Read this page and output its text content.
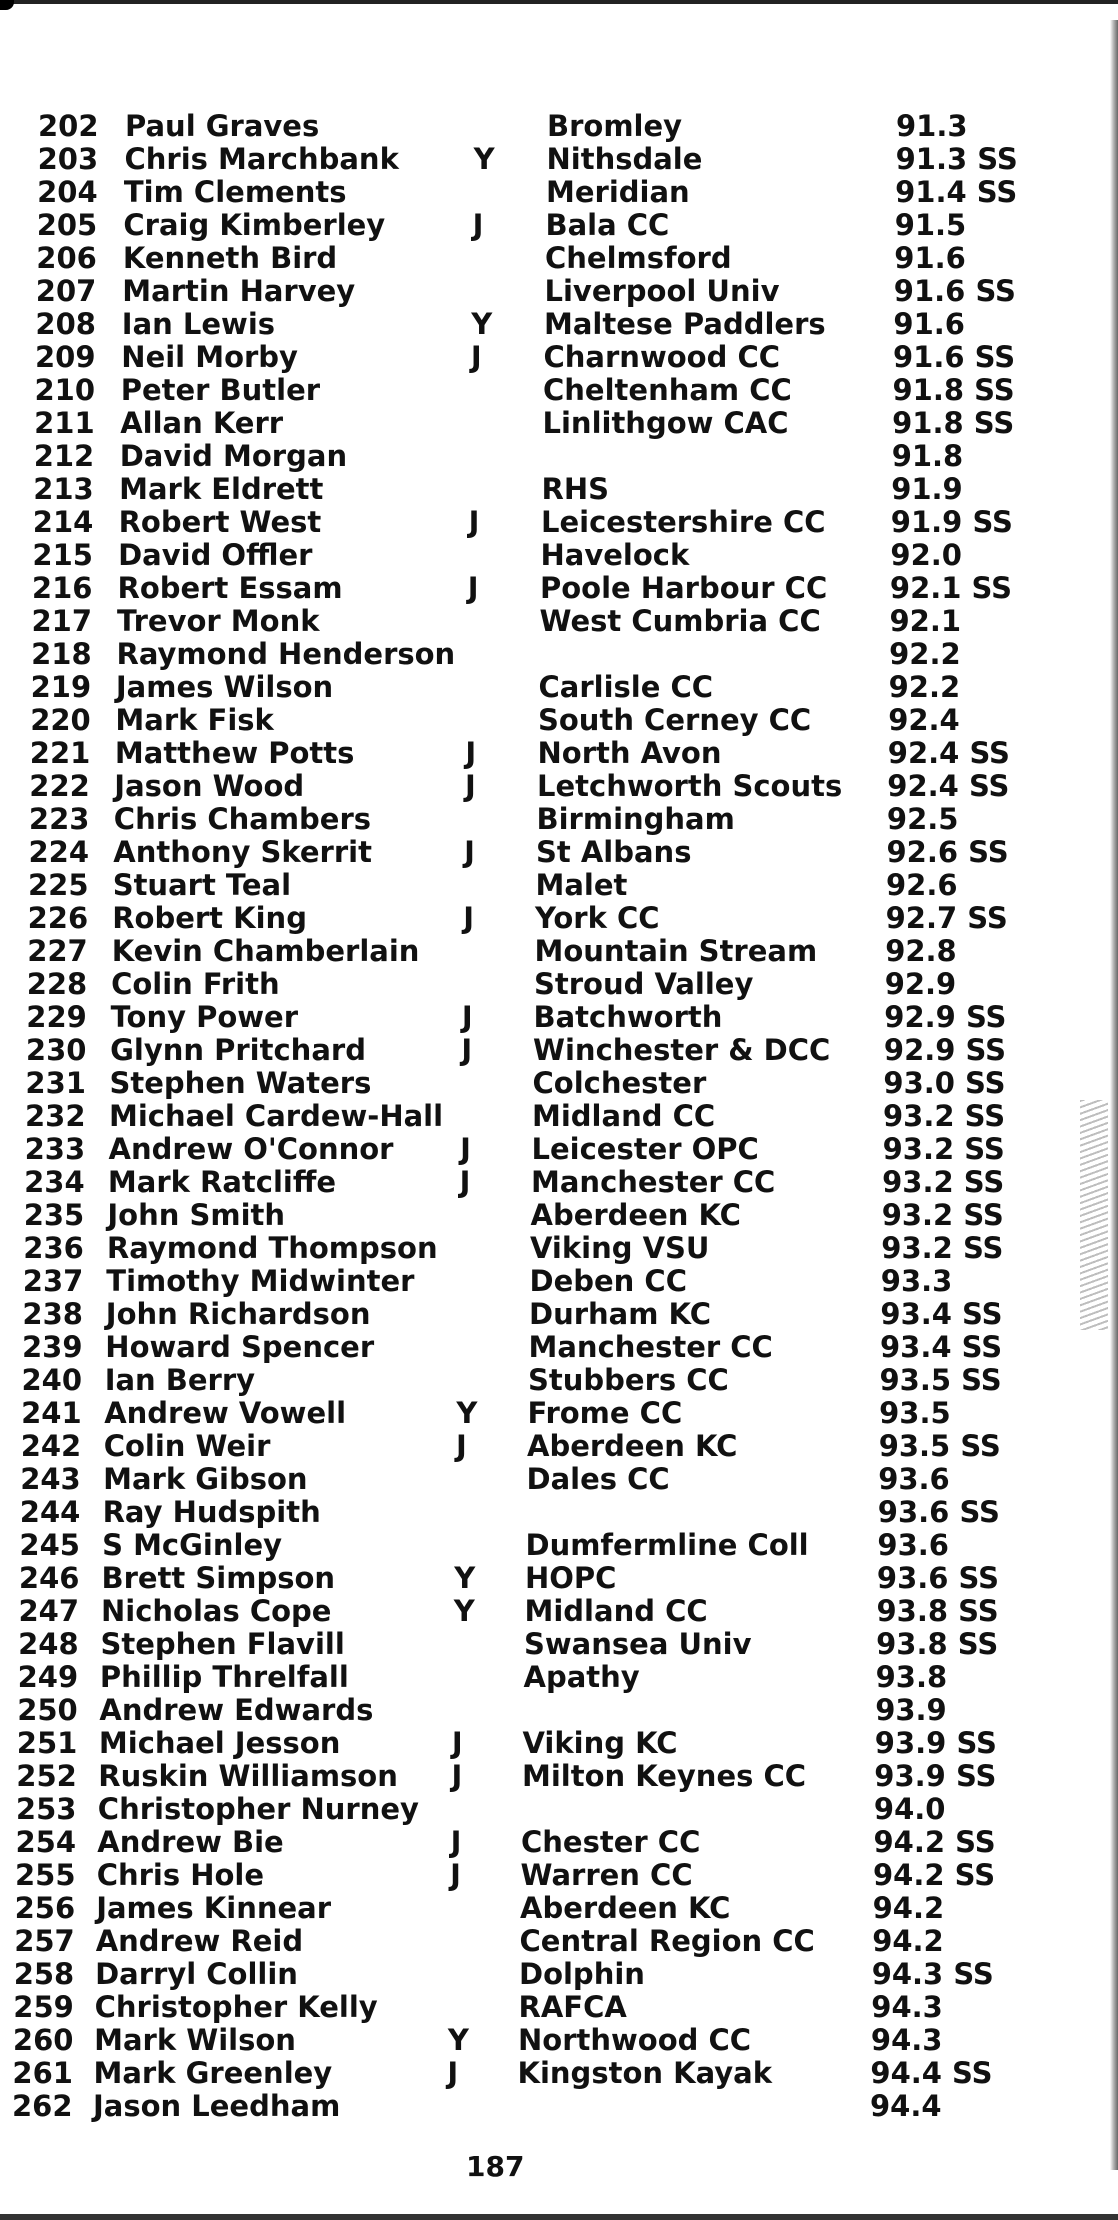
202 Paul Graves	Bromley	91.3
203 Chris Marchbank	Y Nithsdale	91.3 SS
204 Tim Clements	Meridian	91.4 SS
205 Craig Kimberley	J Bala CC	91.5
206 Kenneth Bird	Chelmsford	91.6
207 Martin Harvey	Liverpool Univ	91.6 SS
208 Ian Lewis	Y Maltese Paddlers 91.6
209 Neil Morby	J Charnwood CC	91.6 SS
210 Peter Butler	Cheltenham CC	91.8 SS
211 Allan Kerr	Linlithgow CAC	91.8 SS
212 David Morgan	91.8
213 Mark Eldrett	RHS	91.9
214 Robert West	J Leicestershire CC 91.9 SS
215 David Offler	Havelock	92.0
216 Robert Essam	J Poole Harbour CC 92.1 SS
217 Trevor Monk	West Cumbria CC 92.1
218 Raymond Henderson	92.2
219 James Wilson	Carlisle CC	92.2
220 Mark Fisk	South Cerney CC	92.4
221 Matthew Potts	J North Avon	92.4 SS
222 Jason Wood	J Letchworth Scouts 92.4 SS
223 Chris Chambers	Birmingham	92.5
224 Anthony Skerrit	J St Albans	92.6 SS
225 Stuart Teal	Malet	92.6
226 Robert King	J York CC	92.7 SS
227 Kevin Chamberlain	Mountain Stream 92.8
228 Colin Frith	Stroud Valley	92.9
229 Tony Power	J Batchworth	92.9 SS
230 Glynn Pritchard	J Winchester & DCC 92.9 SS
231 Stephen Waters	Colchester	93.0 SS
232 Michael Cardew-Hall	Midland CC	93.2 SS
233 Andrew O'Connor J Leicester OPC	93.2 SS
234 Mark Ratcliffe	J Manchester CC	93.2 SS
235 John Smith	Aberdeen KC	93.2 SS
236 Raymond Thompson	Viking VSU	93.2 SS
237 Timothy Midwinter	Deben CC	93.3
238 John Richardson	Durham KC	93.4 SS
239 Howard Spencer	Manchester CC	93.4 SS
240 Ian Berry	Stubbers CC	93.5 SS
241 Andrew Vowell	Y Frome CC	93.5
242 Colin Weir	J Aberdeen KC	93.5 SS
243 Mark Gibson	Dales CC	93.6
244 Ray Hudspith	93.6 SS
245 S McGinley	Dumfermline Coll 93.6
246 Brett Simpson	Y HOPC	93.6 SS
247 Nicholas Cope	Y Midland CC	93.8 SS
248 Stephen Flavill	Swansea Univ	93.8 SS
249 Phillip Threlfall	Apathy	93.8
250 Andrew Edwards	93.9
251 Michael Jesson	J Viking KC	93.9 SS
252 Ruskin Williamson J Milton Keynes CC 93.9 SS
253 Christopher Nurney	94.0
254 Andrew Bie	J Chester CC	94.2 SS
255 Chris Hole	J Warren CC	94.2 SS
256 James Kinnear	Aberdeen KC	94.2
257 Andrew Reid	Central Region CC 94.2
258 Darryl Collin	Dolphin	94.3 SS
259 Christopher Kelly	RAFCA	94.3
260 Mark Wilson	Y Northwood CC	94.3
261 Mark Greenley	J Kingston Kayak	94.4 SS
262 Jason Leedham	94.4
187
